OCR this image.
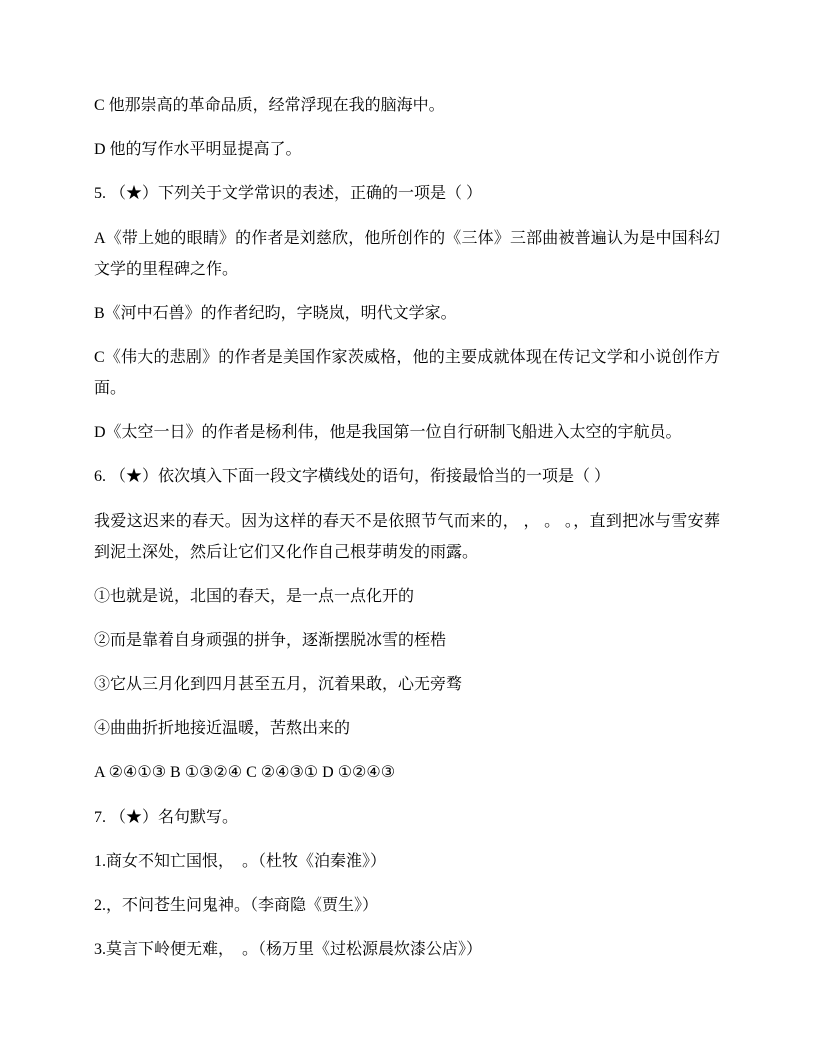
C 他那崇高的革命品质，经常浮现在我的脑海中。
D 他的写作水平明显提高了。
5. （★）下列关于文学常识的表述，正确的一项是（ ）
A《带上她的眼睛》的作者是刘慈欣，他所创作的《三体》三部曲被普遍认为是中国科幻
文学的里程碑之作。
B《河中石兽》的作者纪昀，字晓岚，明代文学家。
C《伟大的悲剧》的作者是美国作家茨威格，他的主要成就体现在传记文学和小说创作方
面。
D《太空一日》的作者是杨利伟，他是我国第一位自行研制飞船进入太空的宇航员。
6. （★）依次填入下面一段文字横线处的语句，衔接最恰当的一项是（ ）
我爱这迟来的春天。因为这样的春天不是依照节气而来的， ， 。 。，直到把冰与雪安葬
到泥土深处，然后让它们又化作自己根芽萌发的雨露。
①也就是说，北国的春天，是一点一点化开的
②而是靠着自身顽强的拼争，逐渐摆脱冰雪的桎梏
③它从三月化到四月甚至五月，沉着果敢，心无旁骛
④曲曲折折地接近温暖，苦熬出来的
A ②④①③ B ①③②④ C ②④③① D ①②④③
7. （★）名句默写。
1.商女不知亡国恨，  。（杜牧《泊秦淮》）
2.，不问苍生问鬼神。（李商隐《贾生》）
3.莫言下岭便无难，  。（杨万里《过松源晨炊漆公店》）
